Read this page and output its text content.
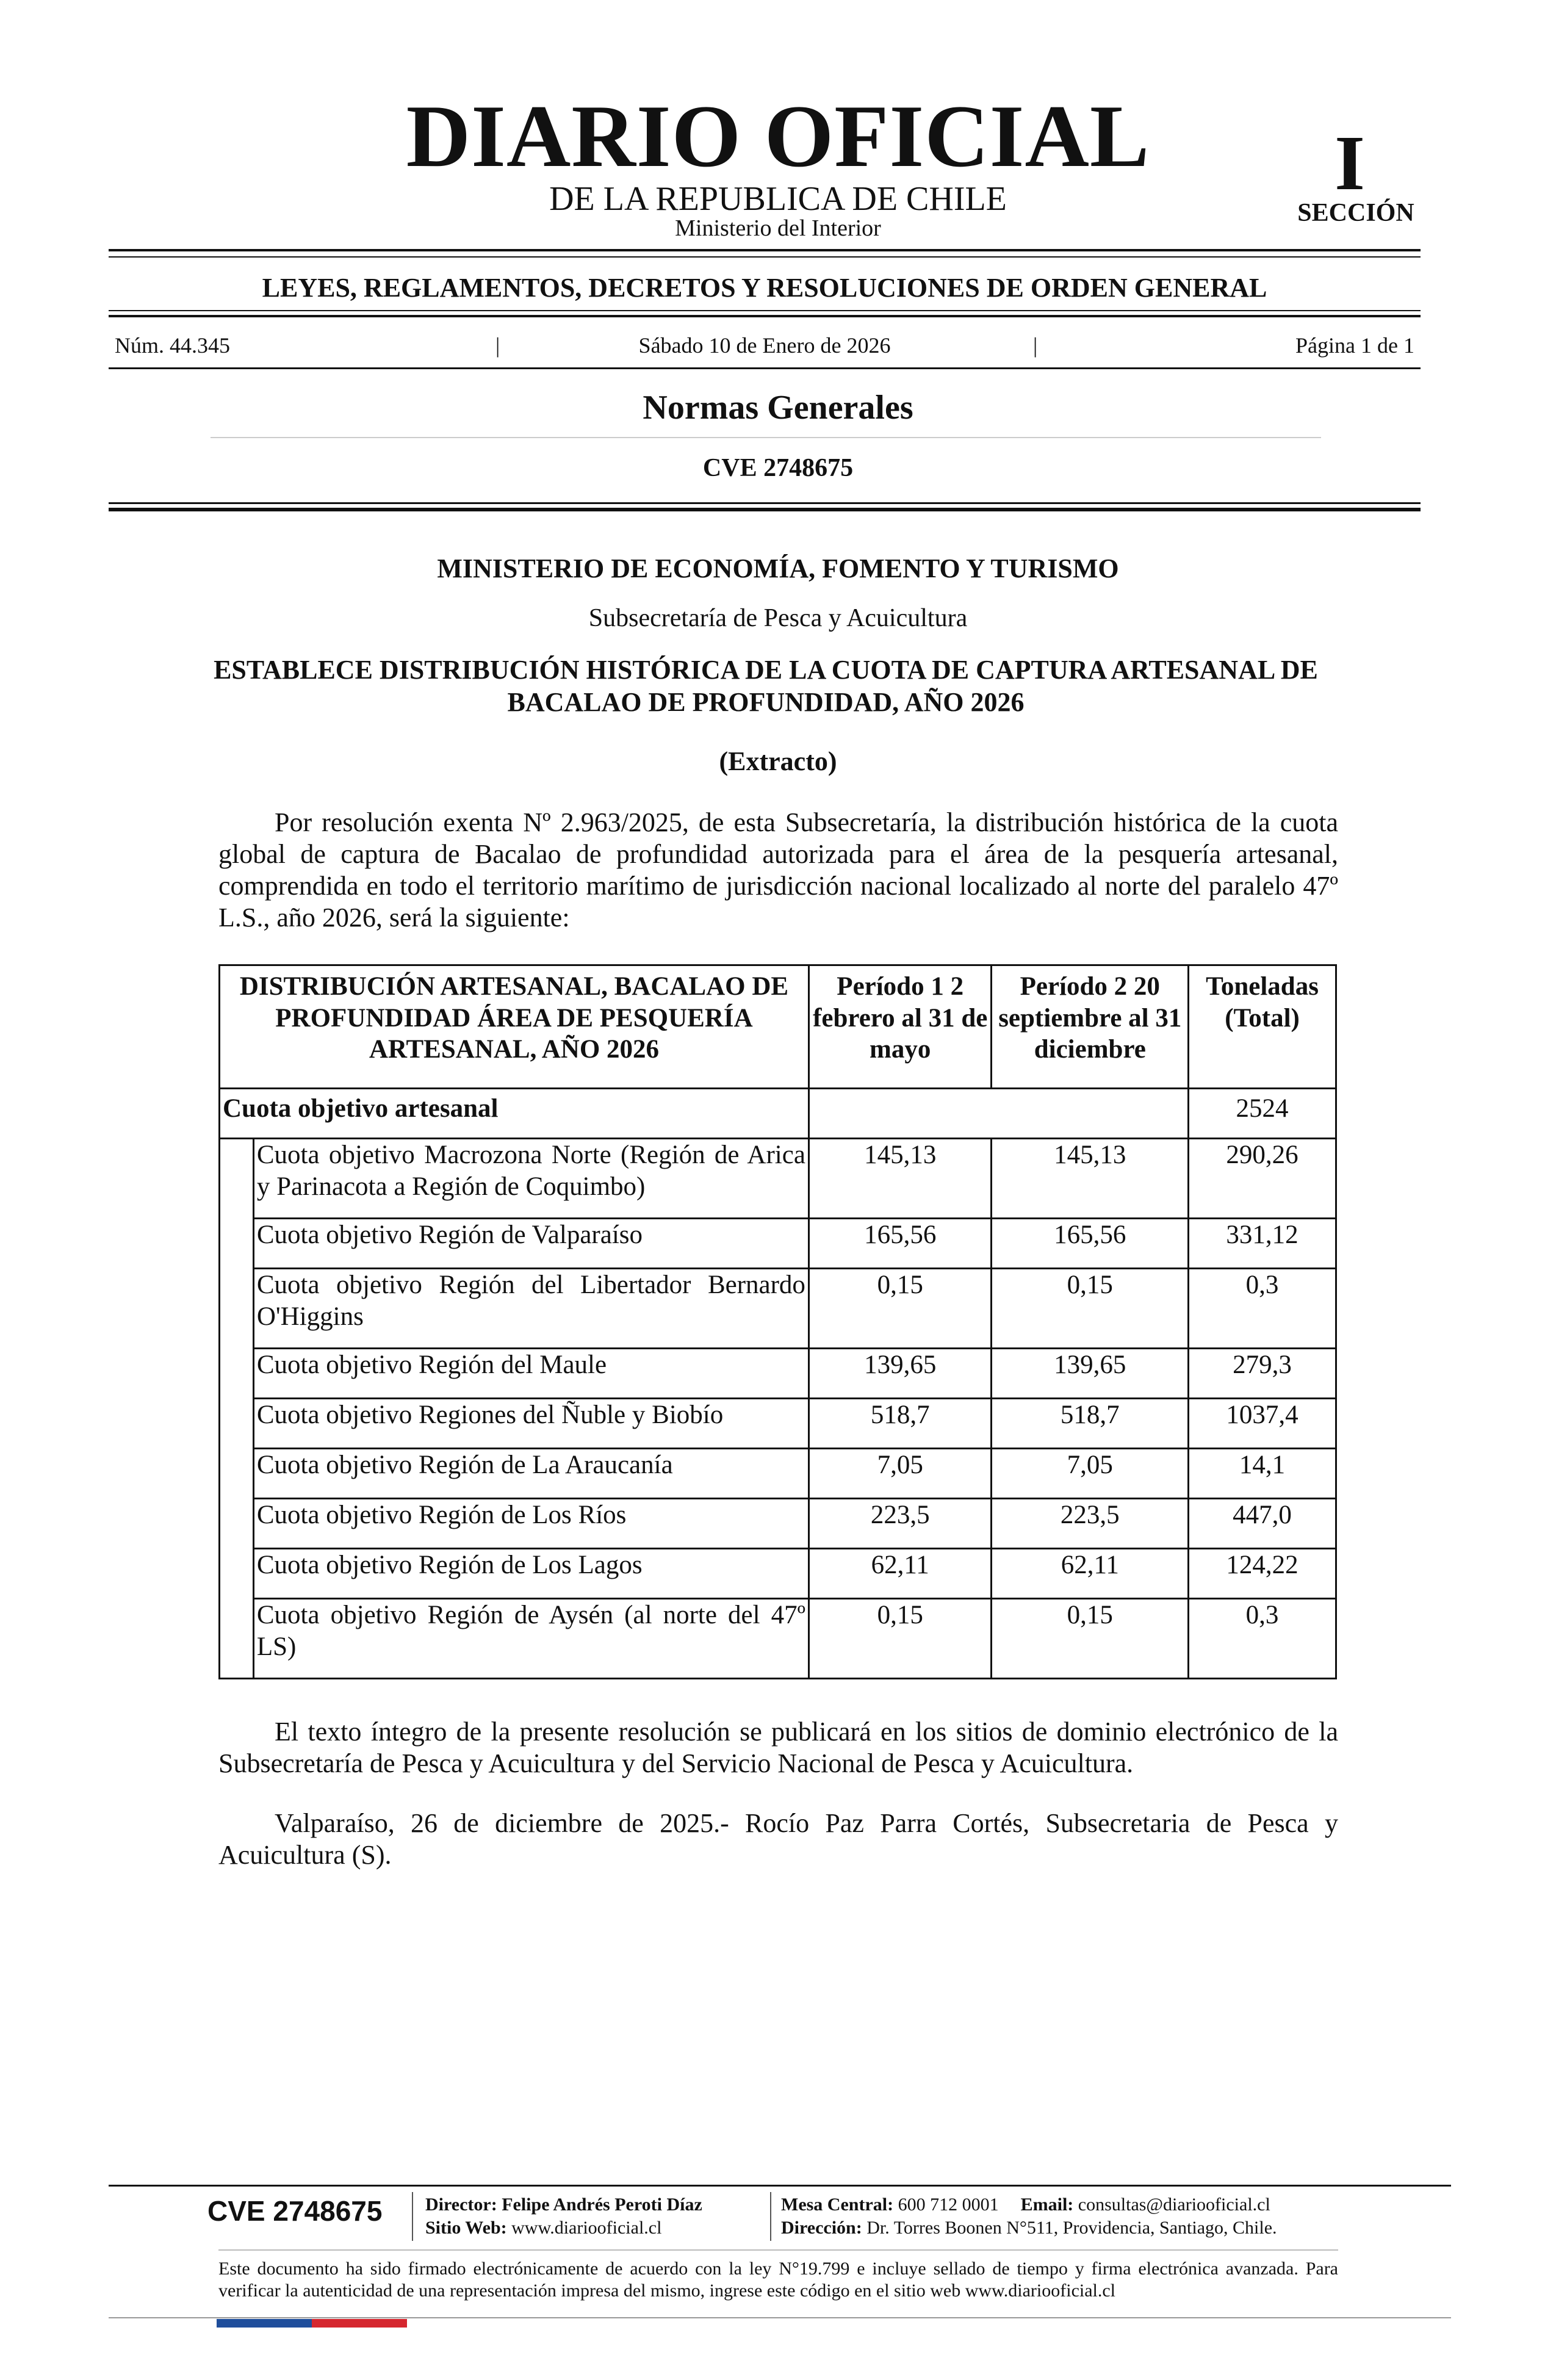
DIARIO OFICIAL
DE LA REPUBLICA DE CHILE
Ministerio del Interior
I
SECCIÓN
LEYES, REGLAMENTOS, DECRETOS Y RESOLUCIONES DE ORDEN GENERAL
Núm. 44.345	Sábado 10 de Enero de 2026	Página 1 de 1
|	|
Normas Generales
CVE 2748675
MINISTERIO DE ECONOMÍA, FOMENTO Y TURISMO
Subsecretaría de Pesca y Acuicultura
ESTABLECE DISTRIBUCIÓN HISTÓRICA DE LA CUOTA DE CAPTURA ARTESANAL DE BACALAO DE PROFUNDIDAD, AÑO 2026
(Extracto)
Por resolución exenta Nº 2.963/2025, de esta Subsecretaría, la distribución histórica de la cuota global de captura de Bacalao de profundidad autorizada para el área de la pesquería artesanal, comprendida en todo el territorio marítimo de jurisdicción nacional localizado al norte del paralelo 47º L.S., año 2026, será la siguiente:
DISTRIBUCIÓN ARTESANAL, BACALAO DE PROFUNDIDAD ÁREA DE PESQUERÍA ARTESANAL, AÑO 2026		Período 1 2 febrero al 31 de mayo	Período 2 20 septiembre al 31 diciembre	Toneladas (Total)
Cuota objetivo artesanal				2524
	Cuota objetivo Macrozona Norte (Región de Arica y Parinacota a Región de Coquimbo)	145,13	145,13	290,26
	Cuota objetivo Región de Valparaíso	165,56	165,56	331,12
	Cuota objetivo Región del Libertador Bernardo O'Higgins	0,15	0,15	0,3
	Cuota objetivo Región del Maule	139,65	139,65	279,3
	Cuota objetivo Regiones del Ñuble y Biobío	518,7	518,7	1037,4
	Cuota objetivo Región de La Araucanía	7,05	7,05	14,1
	Cuota objetivo Región de Los Ríos	223,5	223,5	447,0
	Cuota objetivo Región de Los Lagos	62,11	62,11	124,22
	Cuota objetivo Región de Aysén (al norte del 47º LS)	0,15	0,15	0,3
El texto íntegro de la presente resolución se publicará en los sitios de dominio electrónico de la Subsecretaría de Pesca y Acuicultura y del Servicio Nacional de Pesca y Acuicultura.
Valparaíso, 26 de diciembre de 2025.- Rocío Paz Parra Cortés, Subsecretaria de Pesca y Acuicultura (S).
CVE 2748675 Director: Felipe Andrés Peroti Díaz
Sitio Web: www.diariooficial.cl
Mesa Central: 600 712 0001 Email: consultas@diariooficial.cl
Dirección: Dr. Torres Boonen N°511, Providencia, Santiago, Chile.
Este documento ha sido firmado electrónicamente de acuerdo con la ley N°19.799 e incluye sellado de tiempo y firma electrónica avanzada. Para verificar la autenticidad de una representación impresa del mismo, ingrese este código en el sitio web www.diariooficial.cl
